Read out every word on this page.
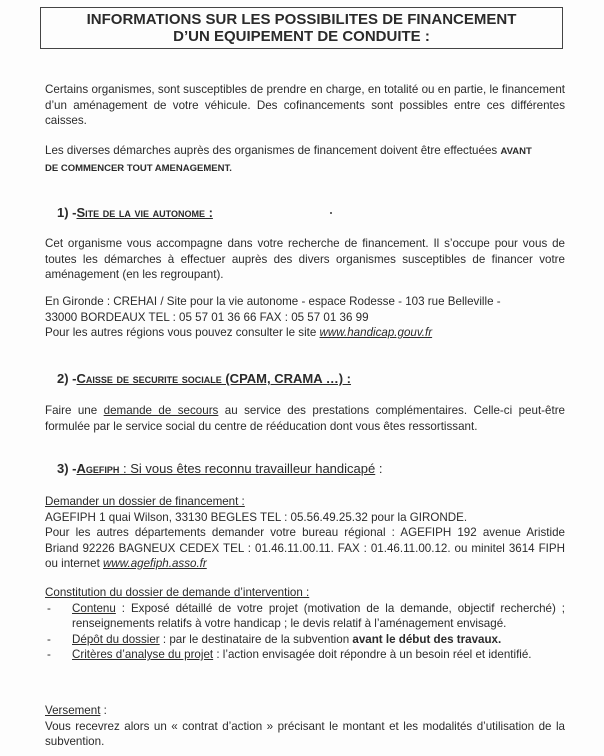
INFORMATIONS SUR LES POSSIBILITES DE FINANCEMENT
D’UN EQUIPEMENT DE CONDUITE :
Certains organismes, sont susceptibles de prendre en charge, en totalité ou en partie, le financement d’un aménagement de votre véhicule. Des cofinancements sont possibles entre ces différentes caisses.
Les diverses démarches auprès des organismes de financement doivent être effectuées AVANT
DE COMMENCER TOUT AMENAGEMENT.
1) -Site de la vie autonome :
Cet organisme vous accompagne dans votre recherche de financement. Il s’occupe pour vous de toutes les démarches à effectuer auprès des divers organismes susceptibles de financer votre aménagement (en les regroupant).
En Gironde : CREHAI / Site pour la vie autonome - espace Rodesse - 103 rue Belleville -
33000 BORDEAUX TEL : 05 57 01 36 66 FAX : 05 57 01 36 99
Pour les autres régions vous pouvez consulter le site www.handicap.gouv.fr
2) -Caisse de securite sociale (CPAM, CRAMA …) :
Faire une demande de secours au service des prestations complémentaires. Celle-ci peut-être formulée par le service social du centre de rééducation dont vous êtes ressortissant.
3) -Agefiph : Si vous êtes reconnu travailleur handicapé :
Demander un dossier de financement :
AGEFIPH 1 quai Wilson, 33130 BEGLES TEL : 05.56.49.25.32 pour la GIRONDE.
Pour les autres départements demander votre bureau régional : AGEFIPH 192 avenue Aristide Briand 92226 BAGNEUX CEDEX TEL : 01.46.11.00.11. FAX : 01.46.11.00.12. ou minitel 3614 FIPH ou internet www.agefiph.asso.fr
Constitution du dossier de demande d’intervention :
- Contenu : Exposé détaillé de votre projet (motivation de la demande, objectif recherché) ; renseignements relatifs à votre handicap ; le devis relatif à l’aménagement envisagé.
- Dépôt du dossier : par le destinataire de la subvention avant le début des travaux.
- Critères d’analyse du projet : l’action envisagée doit répondre à un besoin réel et identifié.
Versement :
Vous recevrez alors un « contrat d’action » précisant le montant et les modalités d’utilisation de la subvention.
